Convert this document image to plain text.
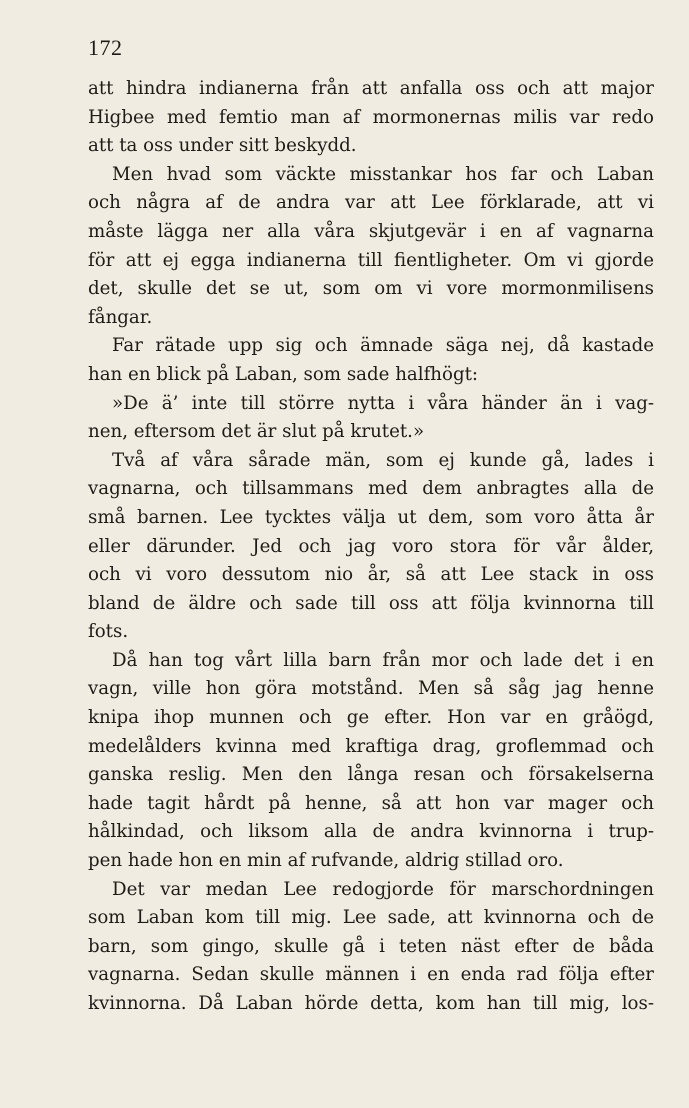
172
att hindra indianerna från att anfalla oss och att major
Higbee med femtio man af mormonernas milis var redo
att ta oss under sitt beskydd.
Men hvad som väckte misstankar hos far och Laban
och några af de andra var att Lee förklarade, att vi
måste lägga ner alla våra skjutgevär i en af vagnarna
för att ej egga indianerna till fientligheter. Om vi gjorde
det, skulle det se ut, som om vi vore mormonmilisens
fångar.
Far rätade upp sig och ämnade säga nej, då kastade
han en blick på Laban, som sade halfhögt:
»De ä’ inte till större nytta i våra händer än i vag-
nen, eftersom det är slut på krutet.»
Två af våra sårade män, som ej kunde gå, lades i
vagnarna, och tillsammans med dem anbragtes alla de
små barnen. Lee tycktes välja ut dem, som voro åtta år
eller därunder. Jed och jag voro stora för vår ålder,
och vi voro dessutom nio år, så att Lee stack in oss
bland de äldre och sade till oss att följa kvinnorna till
fots.
Då han tog vårt lilla barn från mor och lade det i en
vagn, ville hon göra motstånd. Men så såg jag henne
knipa ihop munnen och ge efter. Hon var en gråögd,
medelålders kvinna med kraftiga drag, groflemmad och
ganska reslig. Men den långa resan och försakelserna
hade tagit hårdt på henne, så att hon var mager och
hålkindad, och liksom alla de andra kvinnorna i trup-
pen hade hon en min af rufvande, aldrig stillad oro.
Det var medan Lee redogjorde för marschordningen
som Laban kom till mig. Lee sade, att kvinnorna och de
barn, som gingo, skulle gå i teten näst efter de båda
vagnarna. Sedan skulle männen i en enda rad följa efter
kvinnorna. Då Laban hörde detta, kom han till mig, los-
